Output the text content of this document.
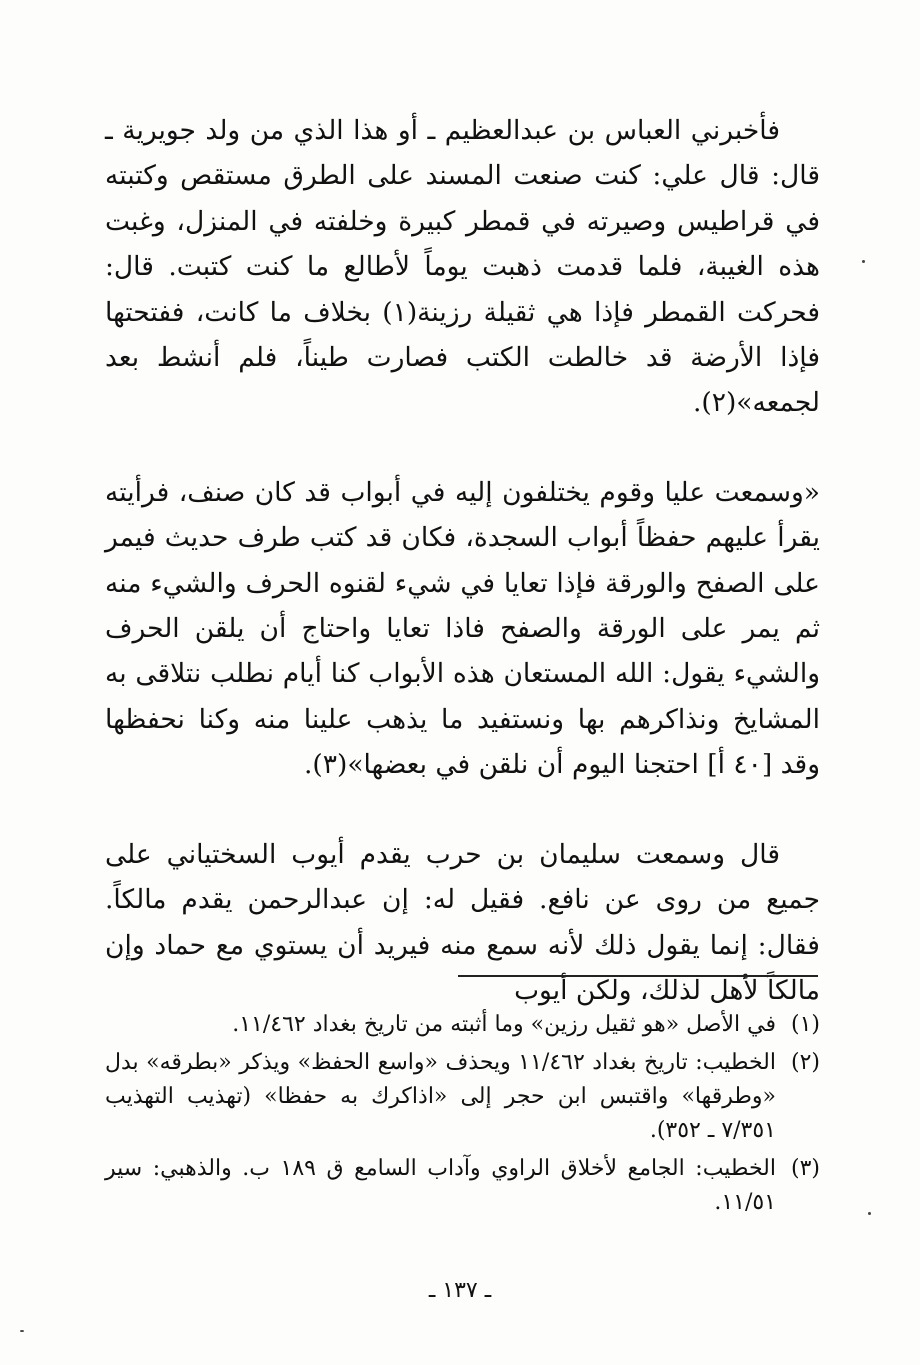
فأخبرني العباس بن عبدالعظيم ـ أو هذا الذي من ولد جويرية ـ قال: قال علي: كنت صنعت المسند على الطرق مستقص وكتبته في قراطيس وصيرته في قمطر كبيرة وخلفته في المنزل، وغبت هذه الغيبة، فلما قدمت ذهبت يوماً لأطالع ما كنت كتبت. قال: فحركت القمطر فإذا هي ثقيلة رزينة(١) بخلاف ما كانت، ففتحتها فإذا الأرضة قد خالطت الكتب فصارت طيناً، فلم أنشط بعد لجمعه»(٢).

«وسمعت عليا وقوم يختلفون إليه في أبواب قد كان صنف، فرأيته يقرأ عليهم حفظاً أبواب السجدة، فكان قد كتب طرف حديث فيمر على الصفح والورقة فإذا تعايا في شيء لقنوه الحرف والشيء منه ثم يمر على الورقة والصفح فاذا تعايا واحتاج أن يلقن الحرف والشيء يقول: الله المستعان هذه الأبواب كنا أيام نطلب نتلاقى به المشايخ ونذاكرهم بها ونستفيد ما يذهب علينا منه وكنا نحفظها وقد [٤٠ أ] احتجنا اليوم أن نلقن في بعضها»(٣).

قال وسمعت سليمان بن حرب يقدم أيوب السختياني على جميع من روى عن نافع. فقيل له: إن عبدالرحمن يقدم مالكاً. فقال: إنما يقول ذلك لأنه سمع منه فيريد أن يستوي مع حماد وإن مالكاً لأهل لذلك، ولكن أيوب

(١)
في الأصل «هو ثقيل رزين» وما أثبته من تاريخ بغداد ١١/٤٦٢.

(٢)
الخطيب: تاريخ بغداد ١١/٤٦٢ ويحذف «واسع الحفظ» ويذكر «بطرقه» بدل «وطرقها» واقتبس ابن حجر إلى «اذاكرك به حفظا» (تهذيب التهذيب ٧/٣٥١ ـ ٣٥٢).

(٣)
الخطيب: الجامع لأخلاق الراوي وآداب السامع ق ١٨٩ ب. والذهبي: سير ١١/٥١.

ـ ١٣٧ ـ
